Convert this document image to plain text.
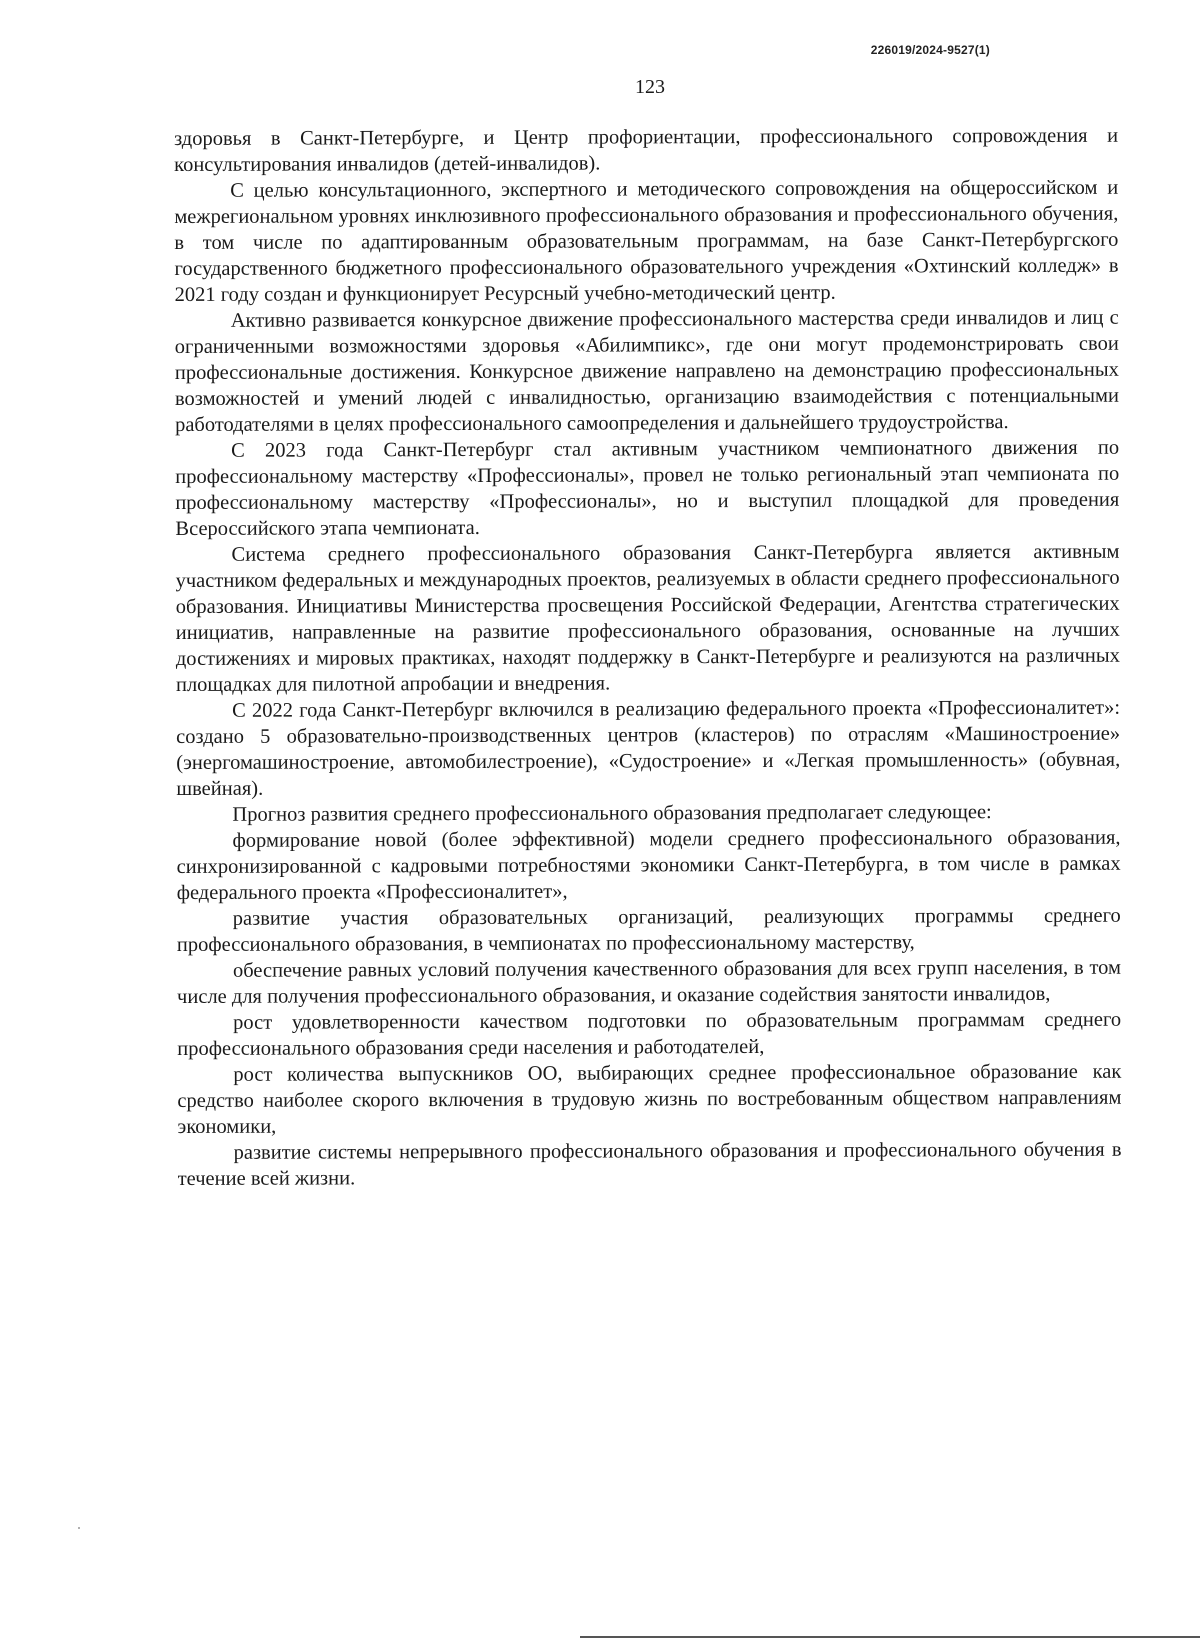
226019/2024-9527(1)
123

здоровья в Санкт-Петербурге, и Центр профориентации, профессионального сопровождения и консультирования инвалидов (детей-инвалидов).

С целью консультационного, экспертного и методического сопровождения на общероссийском и межрегиональном уровнях инклюзивного профессионального образования и профессионального обучения, в том числе по адаптированным образовательным программам, на базе Санкт-Петербургского государственного бюджетного профессионального образовательного учреждения «Охтинский колледж» в 2021 году создан и функционирует Ресурсный учебно-методический центр.

Активно развивается конкурсное движение профессионального мастерства среди инвалидов и лиц с ограниченными возможностями здоровья «Абилимпикс», где они могут продемонстрировать свои профессиональные достижения. Конкурсное движение направлено на демонстрацию профессиональных возможностей и умений людей с инвалидностью, организацию взаимодействия с потенциальными работодателями в целях профессионального самоопределения и дальнейшего трудоустройства.

С 2023 года Санкт-Петербург стал активным участником чемпионатного движения по профессиональному мастерству «Профессионалы», провел не только региональный этап чемпионата по профессиональному мастерству «Профессионалы», но и выступил площадкой для проведения Всероссийского этапа чемпионата.

Система среднего профессионального образования Санкт-Петербурга является активным участником федеральных и международных проектов, реализуемых в области среднего профессионального образования. Инициативы Министерства просвещения Российской Федерации, Агентства стратегических инициатив, направленные на развитие профессионального образования, основанные на лучших достижениях и мировых практиках, находят поддержку в Санкт-Петербурге и реализуются на различных площадках для пилотной апробации и внедрения.

С 2022 года Санкт-Петербург включился в реализацию федерального проекта «Профессионалитет»: создано 5 образовательно-производственных центров (кластеров) по отраслям «Машиностроение» (энергомашиностроение, автомобилестроение), «Судостроение» и «Легкая промышленность» (обувная, швейная).

Прогноз развития среднего профессионального образования предполагает следующее:

формирование новой (более эффективной) модели среднего профессионального образования, синхронизированной с кадровыми потребностями экономики Санкт-Петербурга, в том числе в рамках федерального проекта «Профессионалитет»,

развитие участия образовательных организаций, реализующих программы среднего профессионального образования, в чемпионатах по профессиональному мастерству,

обеспечение равных условий получения качественного образования для всех групп населения, в том числе для получения профессионального образования, и оказание содействия занятости инвалидов,

рост удовлетворенности качеством подготовки по образовательным программам среднего профессионального образования среди населения и работодателей,

рост количества выпускников ОО, выбирающих среднее профессиональное образование как средство наиболее скорого включения в трудовую жизнь по востребованным обществом направлениям экономики,

развитие системы непрерывного профессионального образования и профессионального обучения в течение всей жизни.
